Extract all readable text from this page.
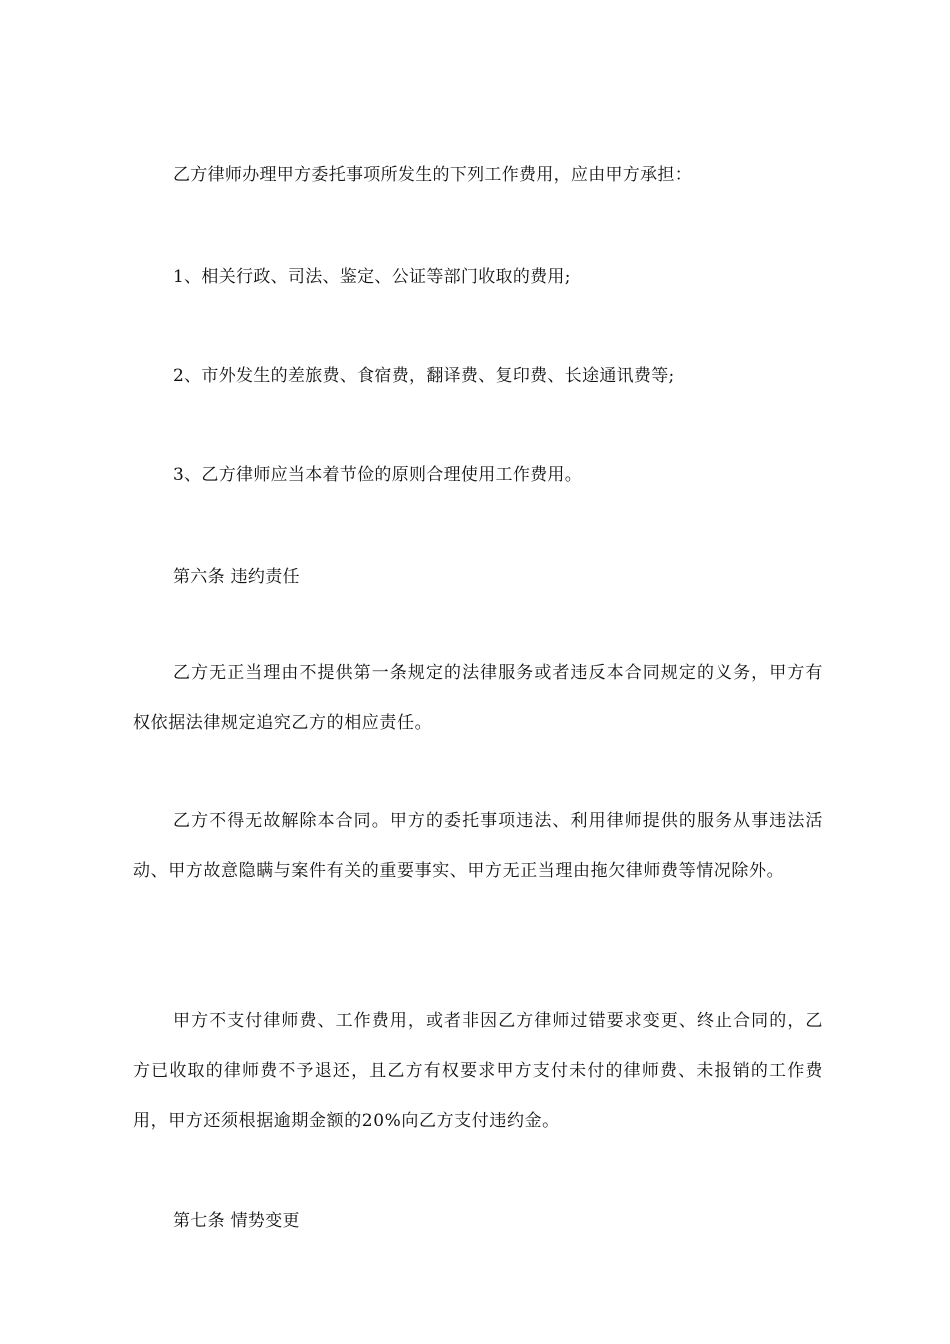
乙方律师办理甲方委托事项所发生的下列工作费用，应由甲方承担：
1、相关行政、司法、鉴定、公证等部门收取的费用;
2、市外发生的差旅费、食宿费，翻译费、复印费、长途通讯费等;
3、乙方律师应当本着节俭的原则合理使用工作费用。
第六条 违约责任
乙方无正当理由不提供第一条规定的法律服务或者违反本合同规定的义务，甲方有权依据法律规定追究乙方的相应责任。
乙方不得无故解除本合同。甲方的委托事项违法、利用律师提供的服务从事违法活动、甲方故意隐瞒与案件有关的重要事实、甲方无正当理由拖欠律师费等情况除外。
甲方不支付律师费、工作费用，或者非因乙方律师过错要求变更、终止合同的，乙方已收取的律师费不予退还，且乙方有权要求甲方支付未付的律师费、未报销的工作费用，甲方还须根据逾期金额的20%向乙方支付违约金。
第七条 情势变更
